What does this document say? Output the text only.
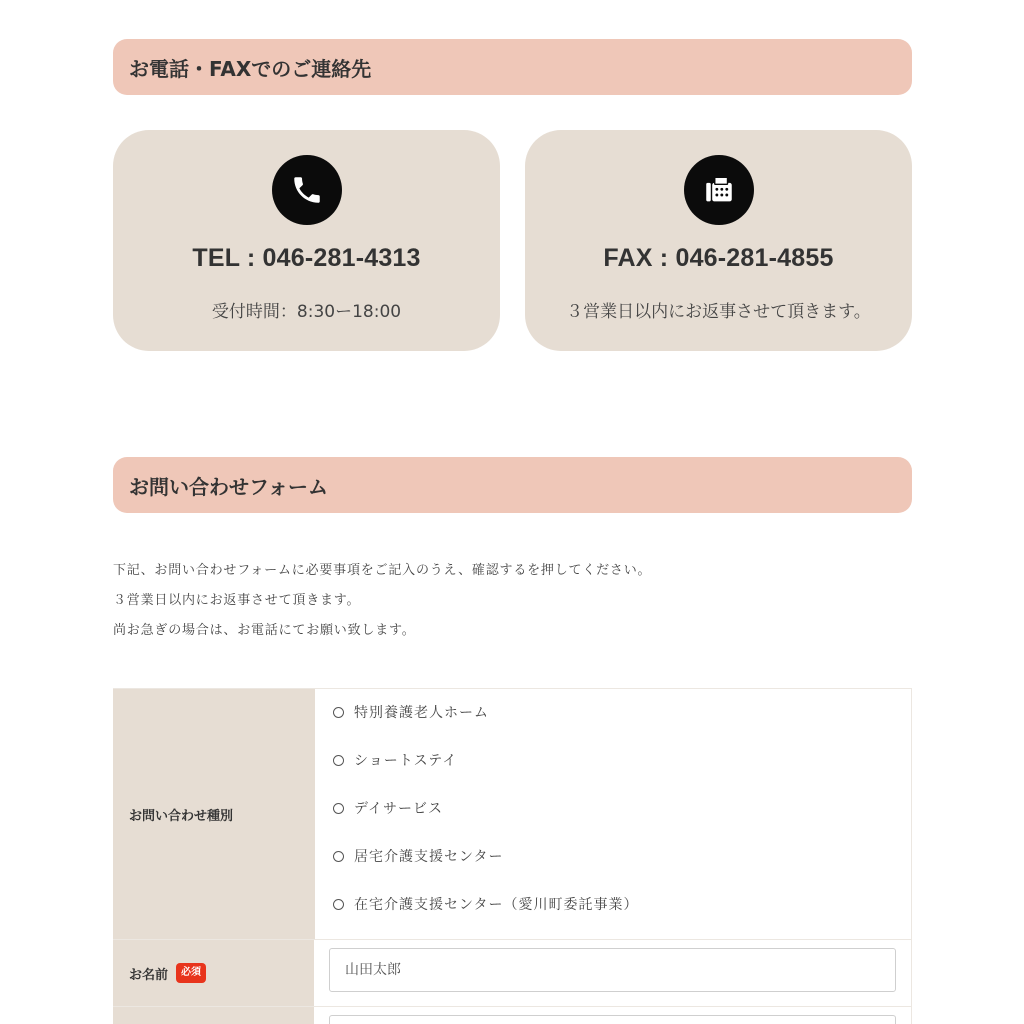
お電話・FAXでのご連絡先
TEL : 046-281-4313
受付時間：8:30ー18:00
FAX : 046-281-4855
３営業日以内にお返事させて頂きます。
お問い合わせフォーム

下記、お問い合わせフォームに必要事項をご記入のうえ、確認するを押してください。

３営業日以内にお返事させて頂きます。

尚お急ぎの場合は、お電話にてお願い致します。

お問い合わせ種別
特別養護老人ホーム
ショートステイ
デイサービス
居宅介護支援センター
在宅介護支援センター（愛川町委託事業）
お名前	必須
山田太郎
